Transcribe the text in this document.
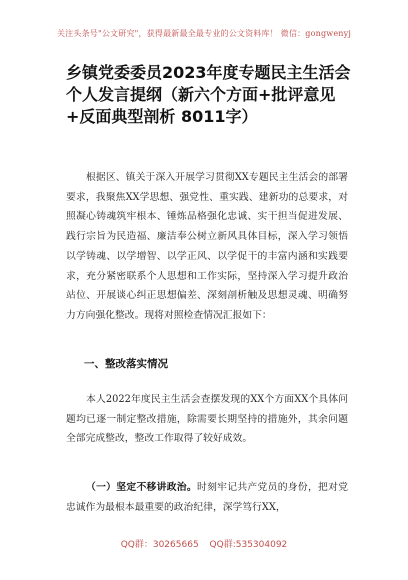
关注头条号"公文研究"，获得最新最全最专业的公文资料库！ 微信：gongwenyj
乡镇党委委员2023年度专题民主生活会个人发言提纲（新六个方面+批评意见+反面典型剖析 8011字）
根据区、镇关于深入开展学习贯彻XX专题民主生活会的部署要求，我聚焦XX学思想、强党性、重实践、建新功的总要求，对照凝心铸魂筑牢根本、锤炼品格强化忠诚、实干担当促进发展、践行宗旨为民造福、廉洁奉公树立新风具体目标，深入学习领悟以学铸魂、以学增智、以学正风、以学促干的丰富内涵和实践要求，充分紧密联系个人思想和工作实际，坚持深入学习提升政治站位、开展谈心纠正思想偏差、深刻剖析触及思想灵魂、明确努力方向强化整改。现将对照检查情况汇报如下：
一、整改落实情况
本人2022年度民主生活会查摆发现的XX个方面XX个具体问题均已逐一制定整改措施，除需要长期坚持的措施外，其余问题全部完成整改，整改工作取得了较好成效。
（一）坚定不移讲政治。时刻牢记共产党员的身份，把对党忠诚作为最根本最重要的政治纪律，深学笃行XX，
QQ群：30265665 QQ群:535304092
